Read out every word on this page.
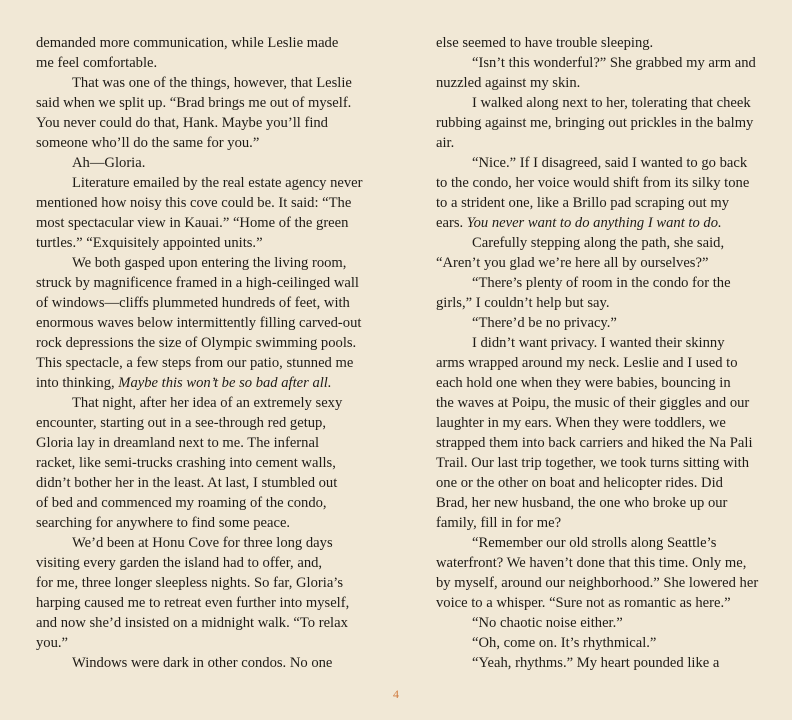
demanded more communication, while Leslie made
me feel comfortable.
That was one of the things, however, that Leslie
said when we split up. “Brad brings me out of myself.
You never could do that, Hank. Maybe you’ll find
someone who’ll do the same for you.”
Ah—Gloria.
Literature emailed by the real estate agency never
mentioned how noisy this cove could be. It said: “The
most spectacular view in Kauai.” “Home of the green
turtles.” “Exquisitely appointed units.”
We both gasped upon entering the living room,
struck by magnificence framed in a high-ceilinged wall
of windows—cliffs plummeted hundreds of feet, with
enormous waves below intermittently filling carved-out
rock depressions the size of Olympic swimming pools.
This spectacle, a few steps from our patio, stunned me
into thinking, Maybe this won’t be so bad after all.
That night, after her idea of an extremely sexy
encounter, starting out in a see-through red getup,
Gloria lay in dreamland next to me. The infernal
racket, like semi-trucks crashing into cement walls,
didn’t bother her in the least. At last, I stumbled out
of bed and commenced my roaming of the condo,
searching for anywhere to find some peace.
We’d been at Honu Cove for three long days
visiting every garden the island had to offer, and,
for me, three longer sleepless nights. So far, Gloria’s
harping caused me to retreat even further into myself,
and now she’d insisted on a midnight walk. “To relax
you.”
Windows were dark in other condos. No one
else seemed to have trouble sleeping.
“Isn’t this wonderful?” She grabbed my arm and
nuzzled against my skin.
I walked along next to her, tolerating that cheek
rubbing against me, bringing out prickles in the balmy
air.
“Nice.” If I disagreed, said I wanted to go back
to the condo, her voice would shift from its silky tone
to a strident one, like a Brillo pad scraping out my
ears. You never want to do anything I want to do.
Carefully stepping along the path, she said,
“Aren’t you glad we’re here all by ourselves?”
“There’s plenty of room in the condo for the
girls,” I couldn’t help but say.
“There’d be no privacy.”
I didn’t want privacy. I wanted their skinny
arms wrapped around my neck. Leslie and I used to
each hold one when they were babies, bouncing in
the waves at Poipu, the music of their giggles and our
laughter in my ears. When they were toddlers, we
strapped them into back carriers and hiked the Na Pali
Trail. Our last trip together, we took turns sitting with
one or the other on boat and helicopter rides. Did
Brad, her new husband, the one who broke up our
family, fill in for me?
“Remember our old strolls along Seattle’s
waterfront? We haven’t done that this time. Only me,
by myself, around our neighborhood.” She lowered her
voice to a whisper. “Sure not as romantic as here.”
“No chaotic noise either.”
“Oh, come on. It’s rhythmical.”
“Yeah, rhythms.” My heart pounded like a
4
